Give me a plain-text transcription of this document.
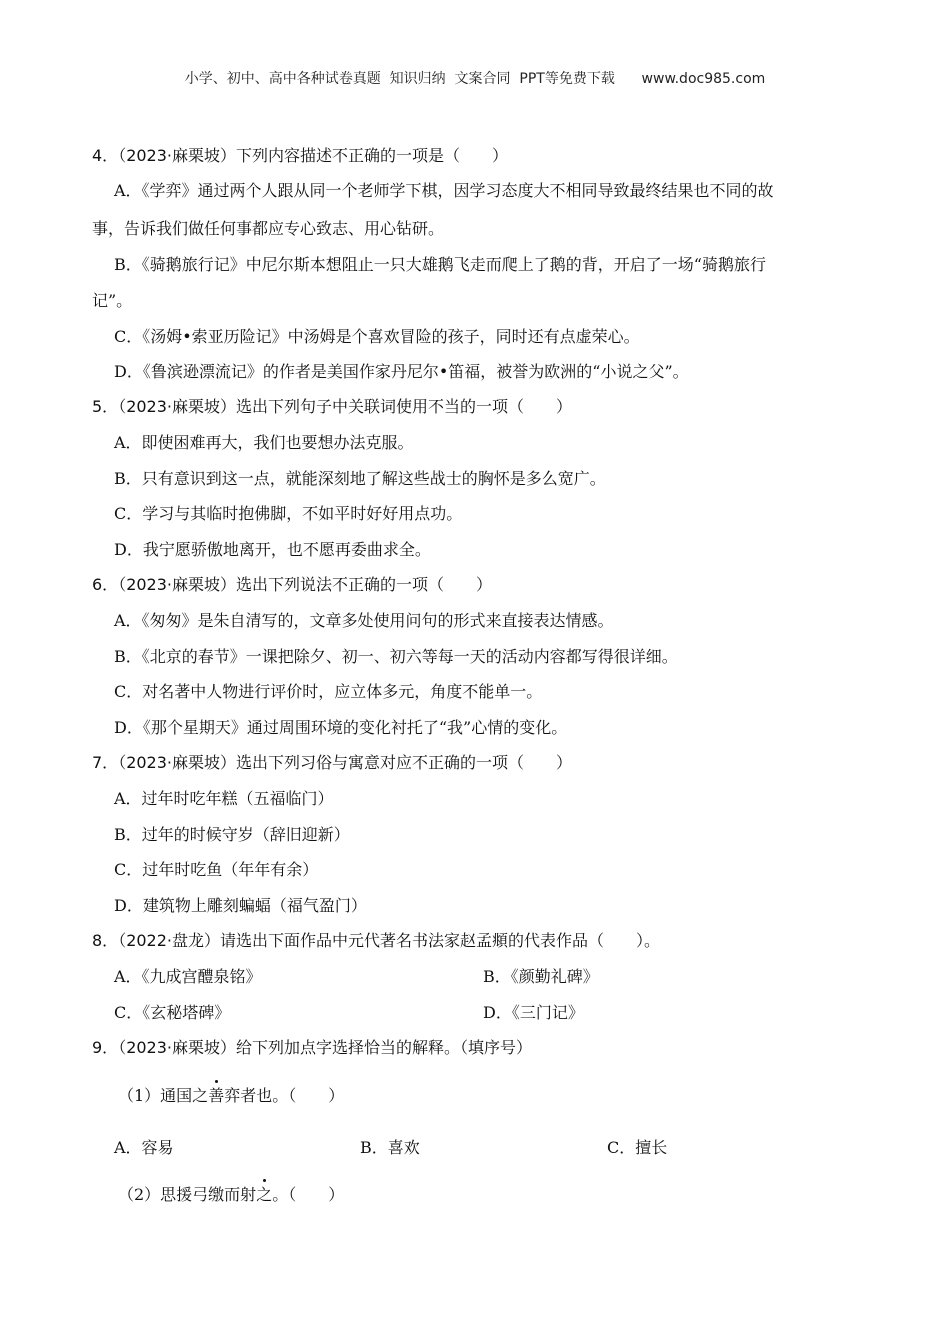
小学、初中、高中各种试卷真题  知识归纳  文案合同  PPT等免费下载      www.doc985.com
4．（2023·麻栗坡）下列内容描述不正确的一项是（　　）
A．《学弈》通过两个人跟从同一个老师学下棋，因学习态度大不相同导致最终结果也不同的故
事，告诉我们做任何事都应专心致志、用心钻研。
B．《骑鹅旅行记》中尼尔斯本想阻止一只大雄鹅飞走而爬上了鹅的背，开启了一场“骑鹅旅行
记”。
C．《汤姆•索亚历险记》中汤姆是个喜欢冒险的孩子，同时还有点虚荣心。
D．《鲁滨逊漂流记》的作者是美国作家丹尼尔•笛福，被誉为欧洲的“小说之父”。
5．（2023·麻栗坡）选出下列句子中关联词使用不当的一项（　　）
A．即使困难再大，我们也要想办法克服。
B．只有意识到这一点，就能深刻地了解这些战士的胸怀是多么宽广。
C．学习与其临时抱佛脚，不如平时好好用点功。
D．我宁愿骄傲地离开，也不愿再委曲求全。
6．（2023·麻栗坡）选出下列说法不正确的一项（　　）
A．《匆匆》是朱自清写的，文章多处使用问句的形式来直接表达情感。
B．《北京的春节》一课把除夕、初一、初六等每一天的活动内容都写得很详细。
C．对名著中人物进行评价时，应立体多元，角度不能单一。
D．《那个星期天》通过周围环境的变化衬托了“我”心情的变化。
7．（2023·麻栗坡）选出下列习俗与寓意对应不正确的一项（　　）
A．过年时吃年糕（五福临门）
B．过年的时候守岁（辞旧迎新）
C．过年时吃鱼（年年有余）
D．建筑物上雕刻蝙蝠（福气盈门）
8．（2022·盘龙）请选出下面作品中元代著名书法家赵孟頫的代表作品（　　）。
A．《九成宫醴泉铭》	B．《颜勤礼碑》
C．《玄秘塔碑》	D．《三门记》
9．（2023·麻栗坡）给下列加点字选择恰当的解释。（填序号）
（1）通国之善弈者也。（　　）
A．容易	B．喜欢	C．擅长
（2）思援弓缴而射之。（　　）
